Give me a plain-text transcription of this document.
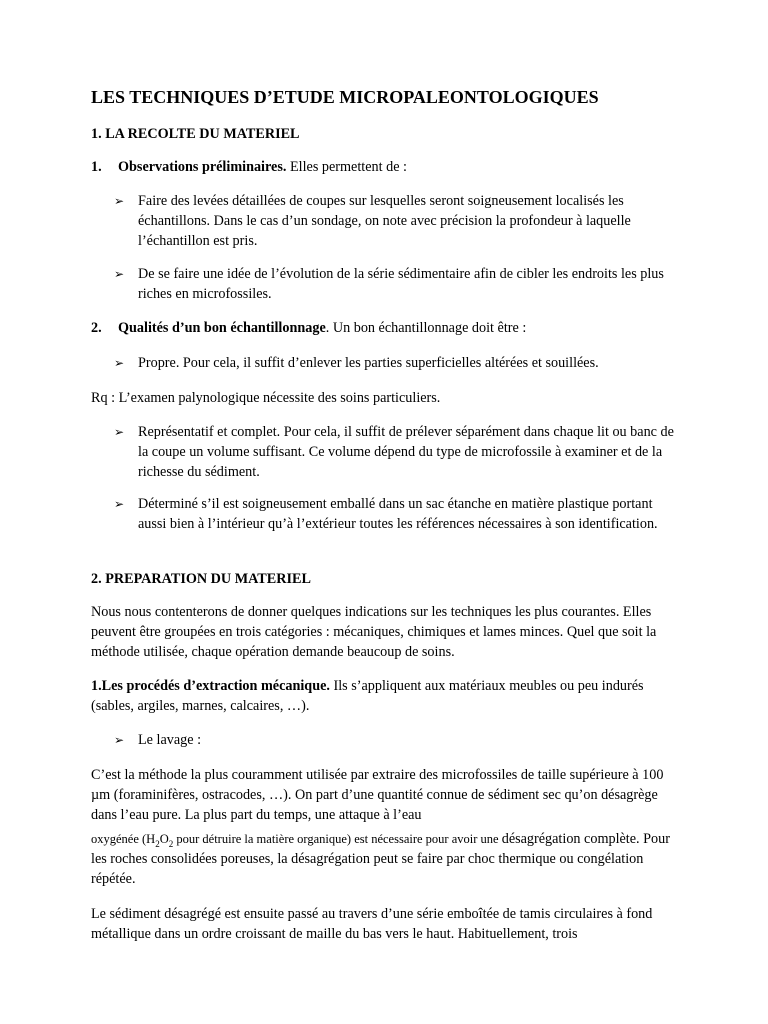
LES TECHNIQUES D’ETUDE MICROPALEONTOLOGIQUES

1. LA RECOLTE DU MATERIEL

1. Observations préliminaires. Elles permettent de :

➢ Faire des levées détaillées de coupes sur lesquelles seront soigneusement localisés les échantillons. Dans le cas d’un sondage, on note avec précision la profondeur à laquelle l’échantillon est pris.

➢ De se faire une idée de l’évolution de la série sédimentaire afin de cibler les endroits les plus riches en microfossiles.

2. Qualités d’un bon échantillonnage. Un bon échantillonnage doit être :

➢ Propre. Pour cela, il suffit d’enlever les parties superficielles altérées et souillées.

Rq : L’examen palynologique nécessite des soins particuliers.

➢ Représentatif et complet. Pour cela, il suffit de prélever séparément dans chaque lit ou banc de la coupe un volume suffisant. Ce volume dépend du type de microfossile à examiner et de la richesse du sédiment.

➢ Déterminé s’il est soigneusement emballé dans un sac étanche en matière plastique portant aussi bien à l’intérieur qu’à l’extérieur toutes les références nécessaires à son identification.

2. PREPARATION DU MATERIEL

Nous nous contenterons de donner quelques indications sur les techniques les plus courantes. Elles peuvent être groupées en trois catégories : mécaniques, chimiques et lames minces. Quel que soit la méthode utilisée, chaque opération demande beaucoup de soins.

1.Les procédés d’extraction mécanique. Ils s’appliquent aux matériaux meubles ou peu indurés (sables, argiles, marnes, calcaires, …).

➢ Le lavage :

C’est la méthode la plus couramment utilisée par extraire des microfossiles de taille supérieure à 100 µm (foraminifères, ostracodes, …). On part d’une quantité connue de sédiment sec qu’on désagrège dans l’eau pure. La plus part du temps, une attaque à l’eau

oxygénée ($H_2O_2$ pour détruire la matière organique) est nécessaire pour avoir une désagrégation complète. Pour les roches consolidées poreuses, la désagrégation peut se faire par choc thermique ou congélation répétée.

Le sédiment désagrégé est ensuite passé au travers d’une série emboîtée de tamis circulaires à fond métallique dans un ordre croissant de maille du bas vers le haut. Habituellement, trois
